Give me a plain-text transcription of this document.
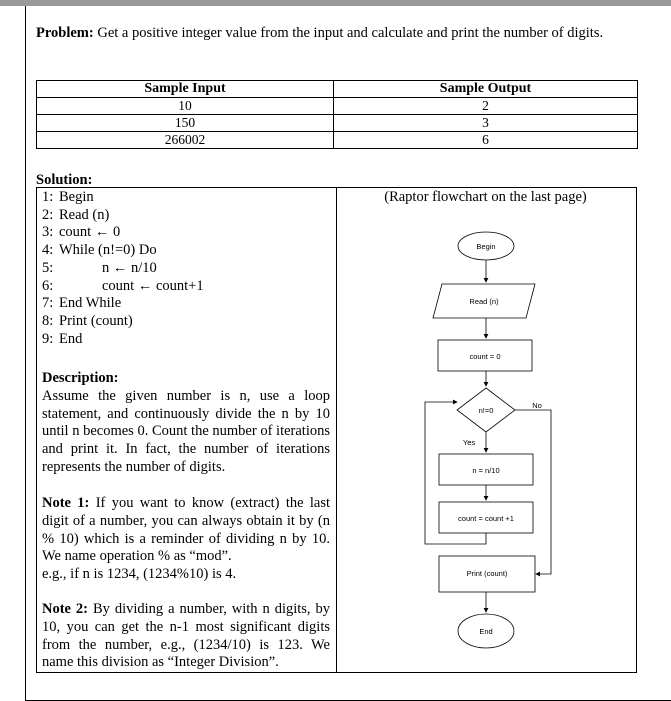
Problem: Get a positive integer value from the input and calculate and print the number of digits.
Sample Input	Sample Output
10	2
150	3
266002	6
Solution:
1: Begin
2: Read (n)
3: count ← 0
4: While (n!=0) Do
5:	n ← n/10
6:	count ← count+1
7: End While
8: Print (count)
9: End
Description:
Assume the given number is n, use a loop statement, and continuously divide the n by 10 until n becomes 0. Count the number of iterations and print it. In fact, the number of iterations represents the number of digits.
Note 1: If you want to know (extract) the last digit of a number, you can always obtain it by (n % 10) which is a reminder of dividing n by 10. We name operation % as “mod”.
e.g., if n is 1234, (1234%10) is 4.
Note 2: By dividing a number, with n digits, by 10, you can get the n-1 most significant digits from the number, e.g., (1234/10) is 123. We name this division as “Integer Division”.
(Raptor flowchart on the last page)
Begin
Read (n)
count = 0
n!=0
Yes
No
n = n/10
count = count +1
Print (count)
End
